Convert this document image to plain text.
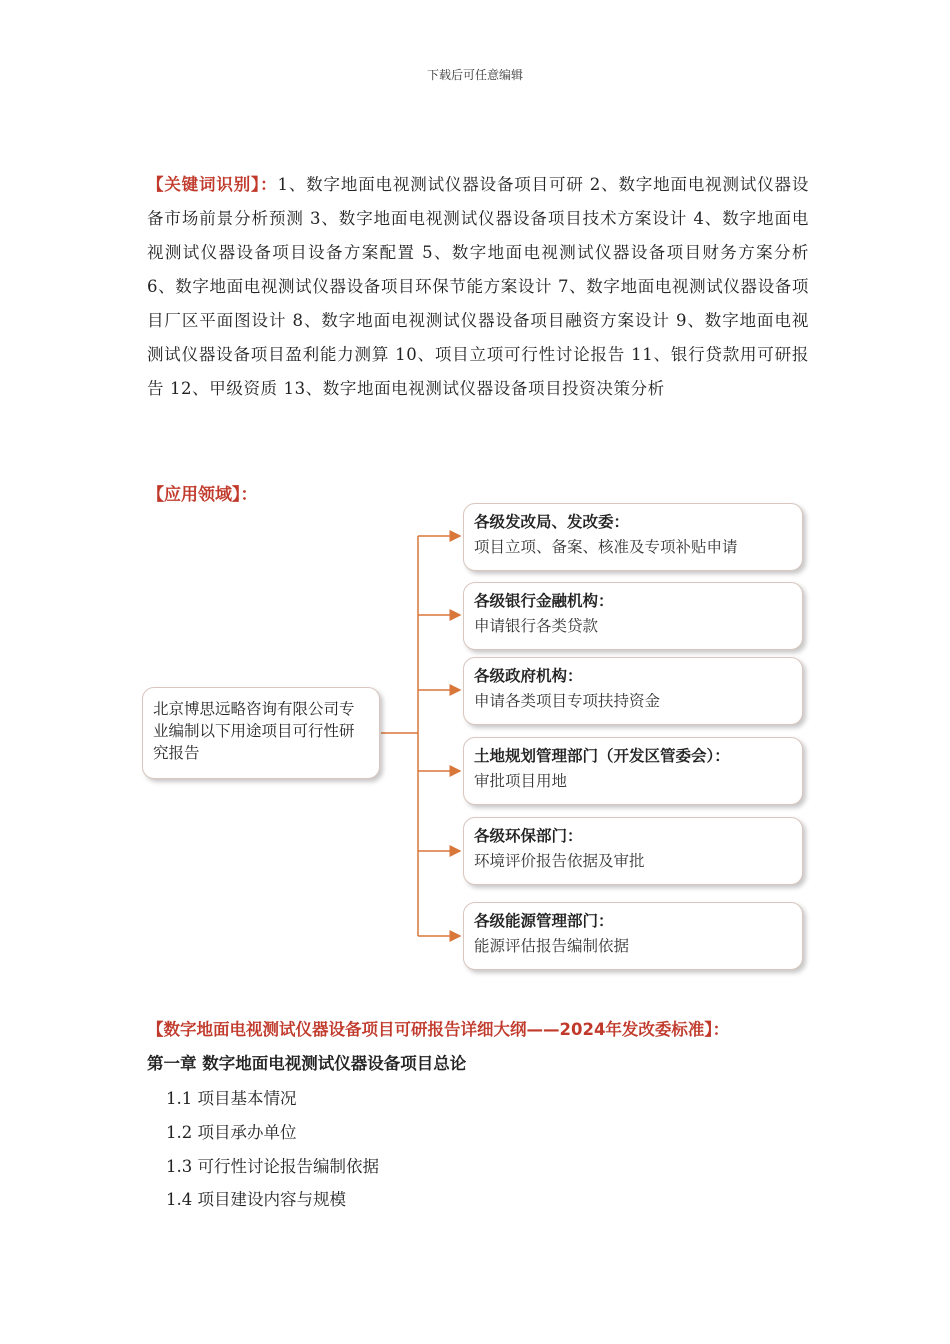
下载后可任意编辑
【关键词识别】：1、数字地面电视测试仪器设备项目可研 2、数字地面电视测试仪器设备市场前景分析预测 3、数字地面电视测试仪器设备项目技术方案设计 4、数字地面电视测试仪器设备项目设备方案配置 5、数字地面电视测试仪器设备项目财务方案分析 6、数字地面电视测试仪器设备项目环保节能方案设计 7、数字地面电视测试仪器设备项目厂区平面图设计 8、数字地面电视测试仪器设备项目融资方案设计 9、数字地面电视测试仪器设备项目盈利能力测算 10、项目立项可行性讨论报告 11、银行贷款用可研报告 12、甲级资质 13、数字地面电视测试仪器设备项目投资决策分析
【应用领域】：
北京博思远略咨询有限公司专业编制以下用途项目可行性研究报告
各级发改局、发改委：
项目立项、备案、核准及专项补贴申请
各级银行金融机构：
申请银行各类贷款
各级政府机构：
申请各类项目专项扶持资金
土地规划管理部门（开发区管委会）：
审批项目用地
各级环保部门：
环境评价报告依据及审批
各级能源管理部门：
能源评估报告编制依据
【数字地面电视测试仪器设备项目可研报告详细大纲——2024年发改委标准】：
第一章 数字地面电视测试仪器设备项目总论
1.1 项目基本情况
1.2 项目承办单位
1.3 可行性讨论报告编制依据
1.4 项目建设内容与规模
